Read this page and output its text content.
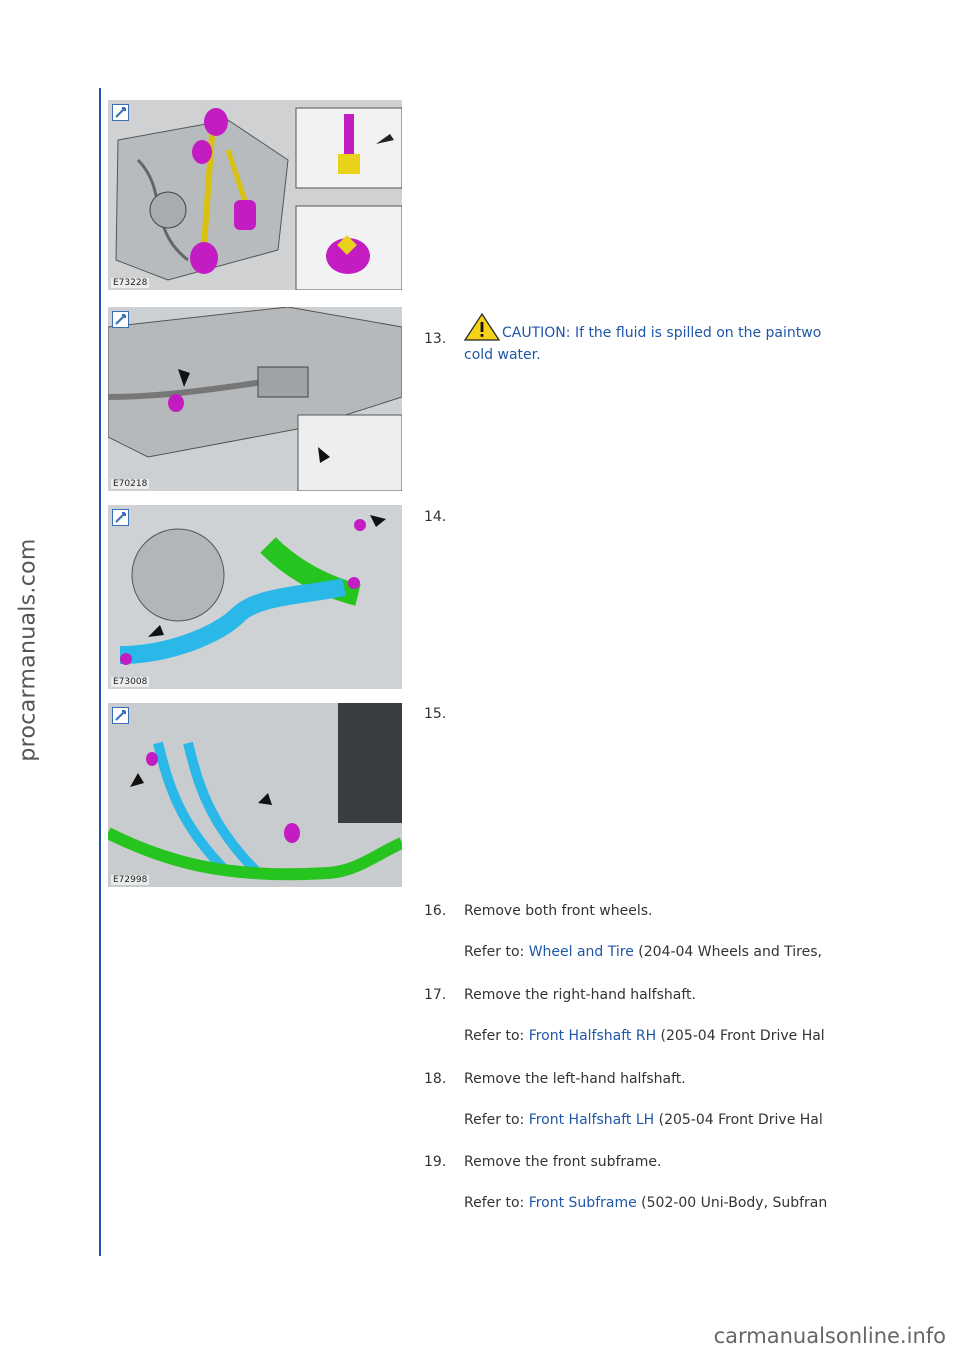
procarmanuals.com
E73228
E70218
E73008
E72998
13.	CAUTION: If the fluid is spilled on the paintwo
cold water.
14.
15.
16. Remove both front wheels.
Refer to: Wheel and Tire (204-04 Wheels and Tires,
17. Remove the right-hand halfshaft.
Refer to: Front Halfshaft RH (205-04 Front Drive Hal
18. Remove the left-hand halfshaft.
Refer to: Front Halfshaft LH (205-04 Front Drive Hal
19. Remove the front subframe.
Refer to: Front Subframe (502-00 Uni-Body, Subfran
carmanualsonline.info
